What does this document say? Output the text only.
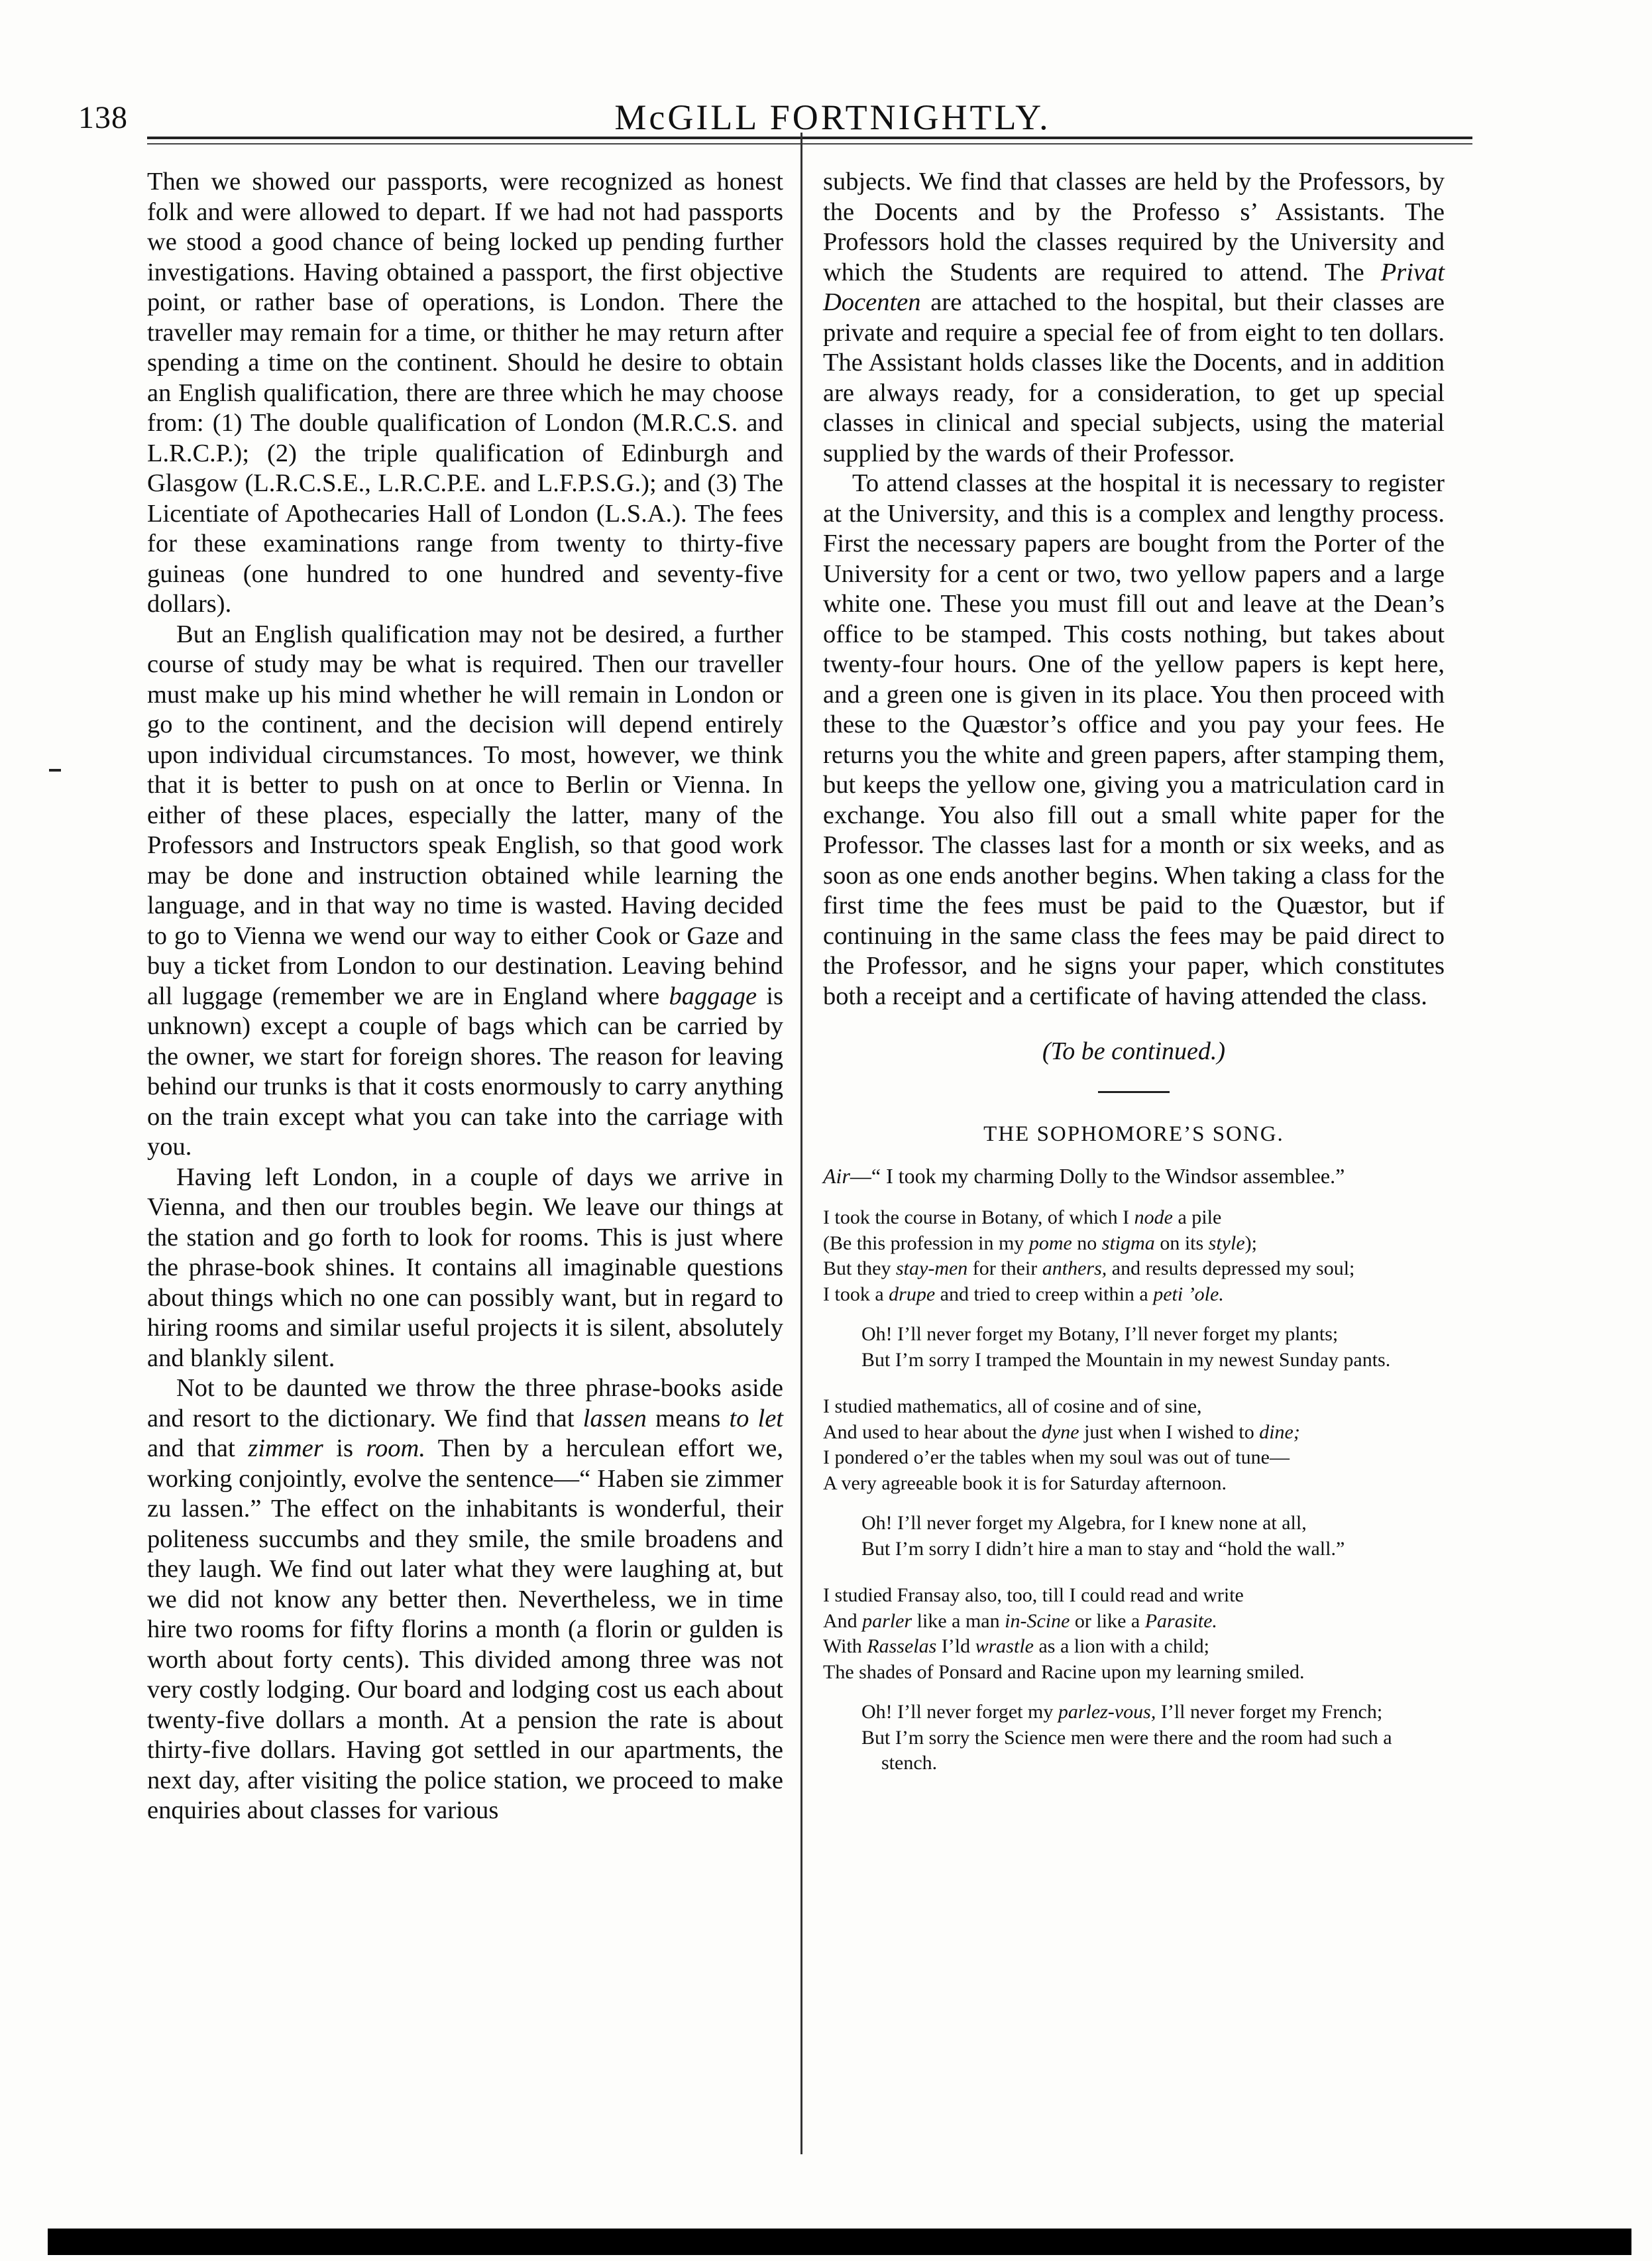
138	McGILL FORTNIGHTLY.

Then we showed our passports, were recognized as honest folk and were allowed to depart. If we had not had passports we stood a good chance of being locked up pending further investigations. Having obtained a passport, the first objective point, or rather base of operations, is London. There the traveller may remain for a time, or thither he may return after spending a time on the continent. Should he desire to obtain an English qualification, there are three which he may choose from: (1) The double qualification of London (M.R.C.S. and L.R.C.P.); (2) the triple qualification of Edinburgh and Glasgow (L.R.C.S.E., L.R.C.P.E. and L.F.P.S.G.); and (3) The Licentiate of Apothecaries Hall of London (L.S.A.). The fees for these examinations range from twenty to thirty-five guineas (one hundred to one hundred and seventy-five dollars).

But an English qualification may not be desired, a further course of study may be what is required. Then our traveller must make up his mind whether he will remain in London or go to the continent, and the decision will depend entirely upon individual circumstances. To most, however, we think that it is better to push on at once to Berlin or Vienna. In either of these places, especially the latter, many of the Professors and Instructors speak English, so that good work may be done and instruction obtained while learning the language, and in that way no time is wasted. Having decided to go to Vienna we wend our way to either Cook or Gaze and buy a ticket from London to our destination. Leaving behind all luggage (remember we are in England where baggage is unknown) except a couple of bags which can be carried by the owner, we start for foreign shores. The reason for leaving behind our trunks is that it costs enormously to carry anything on the train except what you can take into the carriage with you.

Having left London, in a couple of days we arrive in Vienna, and then our troubles begin. We leave our things at the station and go forth to look for rooms. This is just where the phrase-book shines. It contains all imaginable questions about things which no one can possibly want, but in regard to hiring rooms and similar useful projects it is silent, absolutely and blankly silent.

Not to be daunted we throw the three phrase-books aside and resort to the dictionary. We find that lassen means to let and that zimmer is room. Then by a herculean effort we, working conjointly, evolve the sentence—“ Haben sie zimmer zu lassen.” The effect on the inhabitants is wonderful, their politeness succumbs and they smile, the smile broadens and they laugh. We find out later what they were laughing at, but we did not know any better then. Nevertheless, we in time hire two rooms for fifty florins a month (a florin or gulden is worth about forty cents). This divided among three was not very costly lodging. Our board and lodging cost us each about twenty-five dollars a month. At a pension the rate is about thirty-five dollars. Having got settled in our apartments, the next day, after visiting the police station, we proceed to make enquiries about classes for various

subjects. We find that classes are held by the Professors, by the Docents and by the Professo s’ Assistants. The Professors hold the classes required by the University and which the Students are required to attend. The Privat Docenten are attached to the hospital, but their classes are private and require a special fee of from eight to ten dollars. The Assistant holds classes like the Docents, and in addition are always ready, for a consideration, to get up special classes in clinical and special subjects, using the material supplied by the wards of their Professor.

To attend classes at the hospital it is necessary to register at the University, and this is a complex and lengthy process. First the necessary papers are bought from the Porter of the University for a cent or two, two yellow papers and a large white one. These you must fill out and leave at the Dean’s office to be stamped. This costs nothing, but takes about twenty-four hours. One of the yellow papers is kept here, and a green one is given in its place. You then proceed with these to the Quæstor’s office and you pay your fees. He returns you the white and green papers, after stamping them, but keeps the yellow one, giving you a matriculation card in exchange. You also fill out a small white paper for the Professor. The classes last for a month or six weeks, and as soon as one ends another begins. When taking a class for the first time the fees must be paid to the Quæstor, but if continuing in the same class the fees may be paid direct to the Professor, and he signs your paper, which constitutes both a receipt and a certificate of having attended the class.

(To be continued.)
THE SOPHOMORE’S SONG.
Air—“ I took my charming Dolly to the Windsor assemblee.”
I took the course in Botany, of which I node a pile
(Be this profession in my pome no stigma on its style);
But they stay-men for their anthers, and results depressed my soul;
I took a drupe and tried to creep within a peti ’ole.
Oh! I’ll never forget my Botany, I’ll never forget my plants;
But I’m sorry I tramped the Mountain in my newest Sunday pants.
I studied mathematics, all of cosine and of sine,
And used to hear about the dyne just when I wished to dine;
I pondered o’er the tables when my soul was out of tune—
A very agreeable book it is for Saturday afternoon.
Oh! I’ll never forget my Algebra, for I knew none at all,
But I’m sorry I didn’t hire a man to stay and “hold the wall.”
I studied Fransay also, too, till I could read and write
And parler like a man in-Scine or like a Parasite.
With Rasselas I’ld wrastle as a lion with a child;
The shades of Ponsard and Racine upon my learning smiled.
Oh! I’ll never forget my parlez-vous, I’ll never forget my French;
But I’m sorry the Science men were there and the room had such a stench.
